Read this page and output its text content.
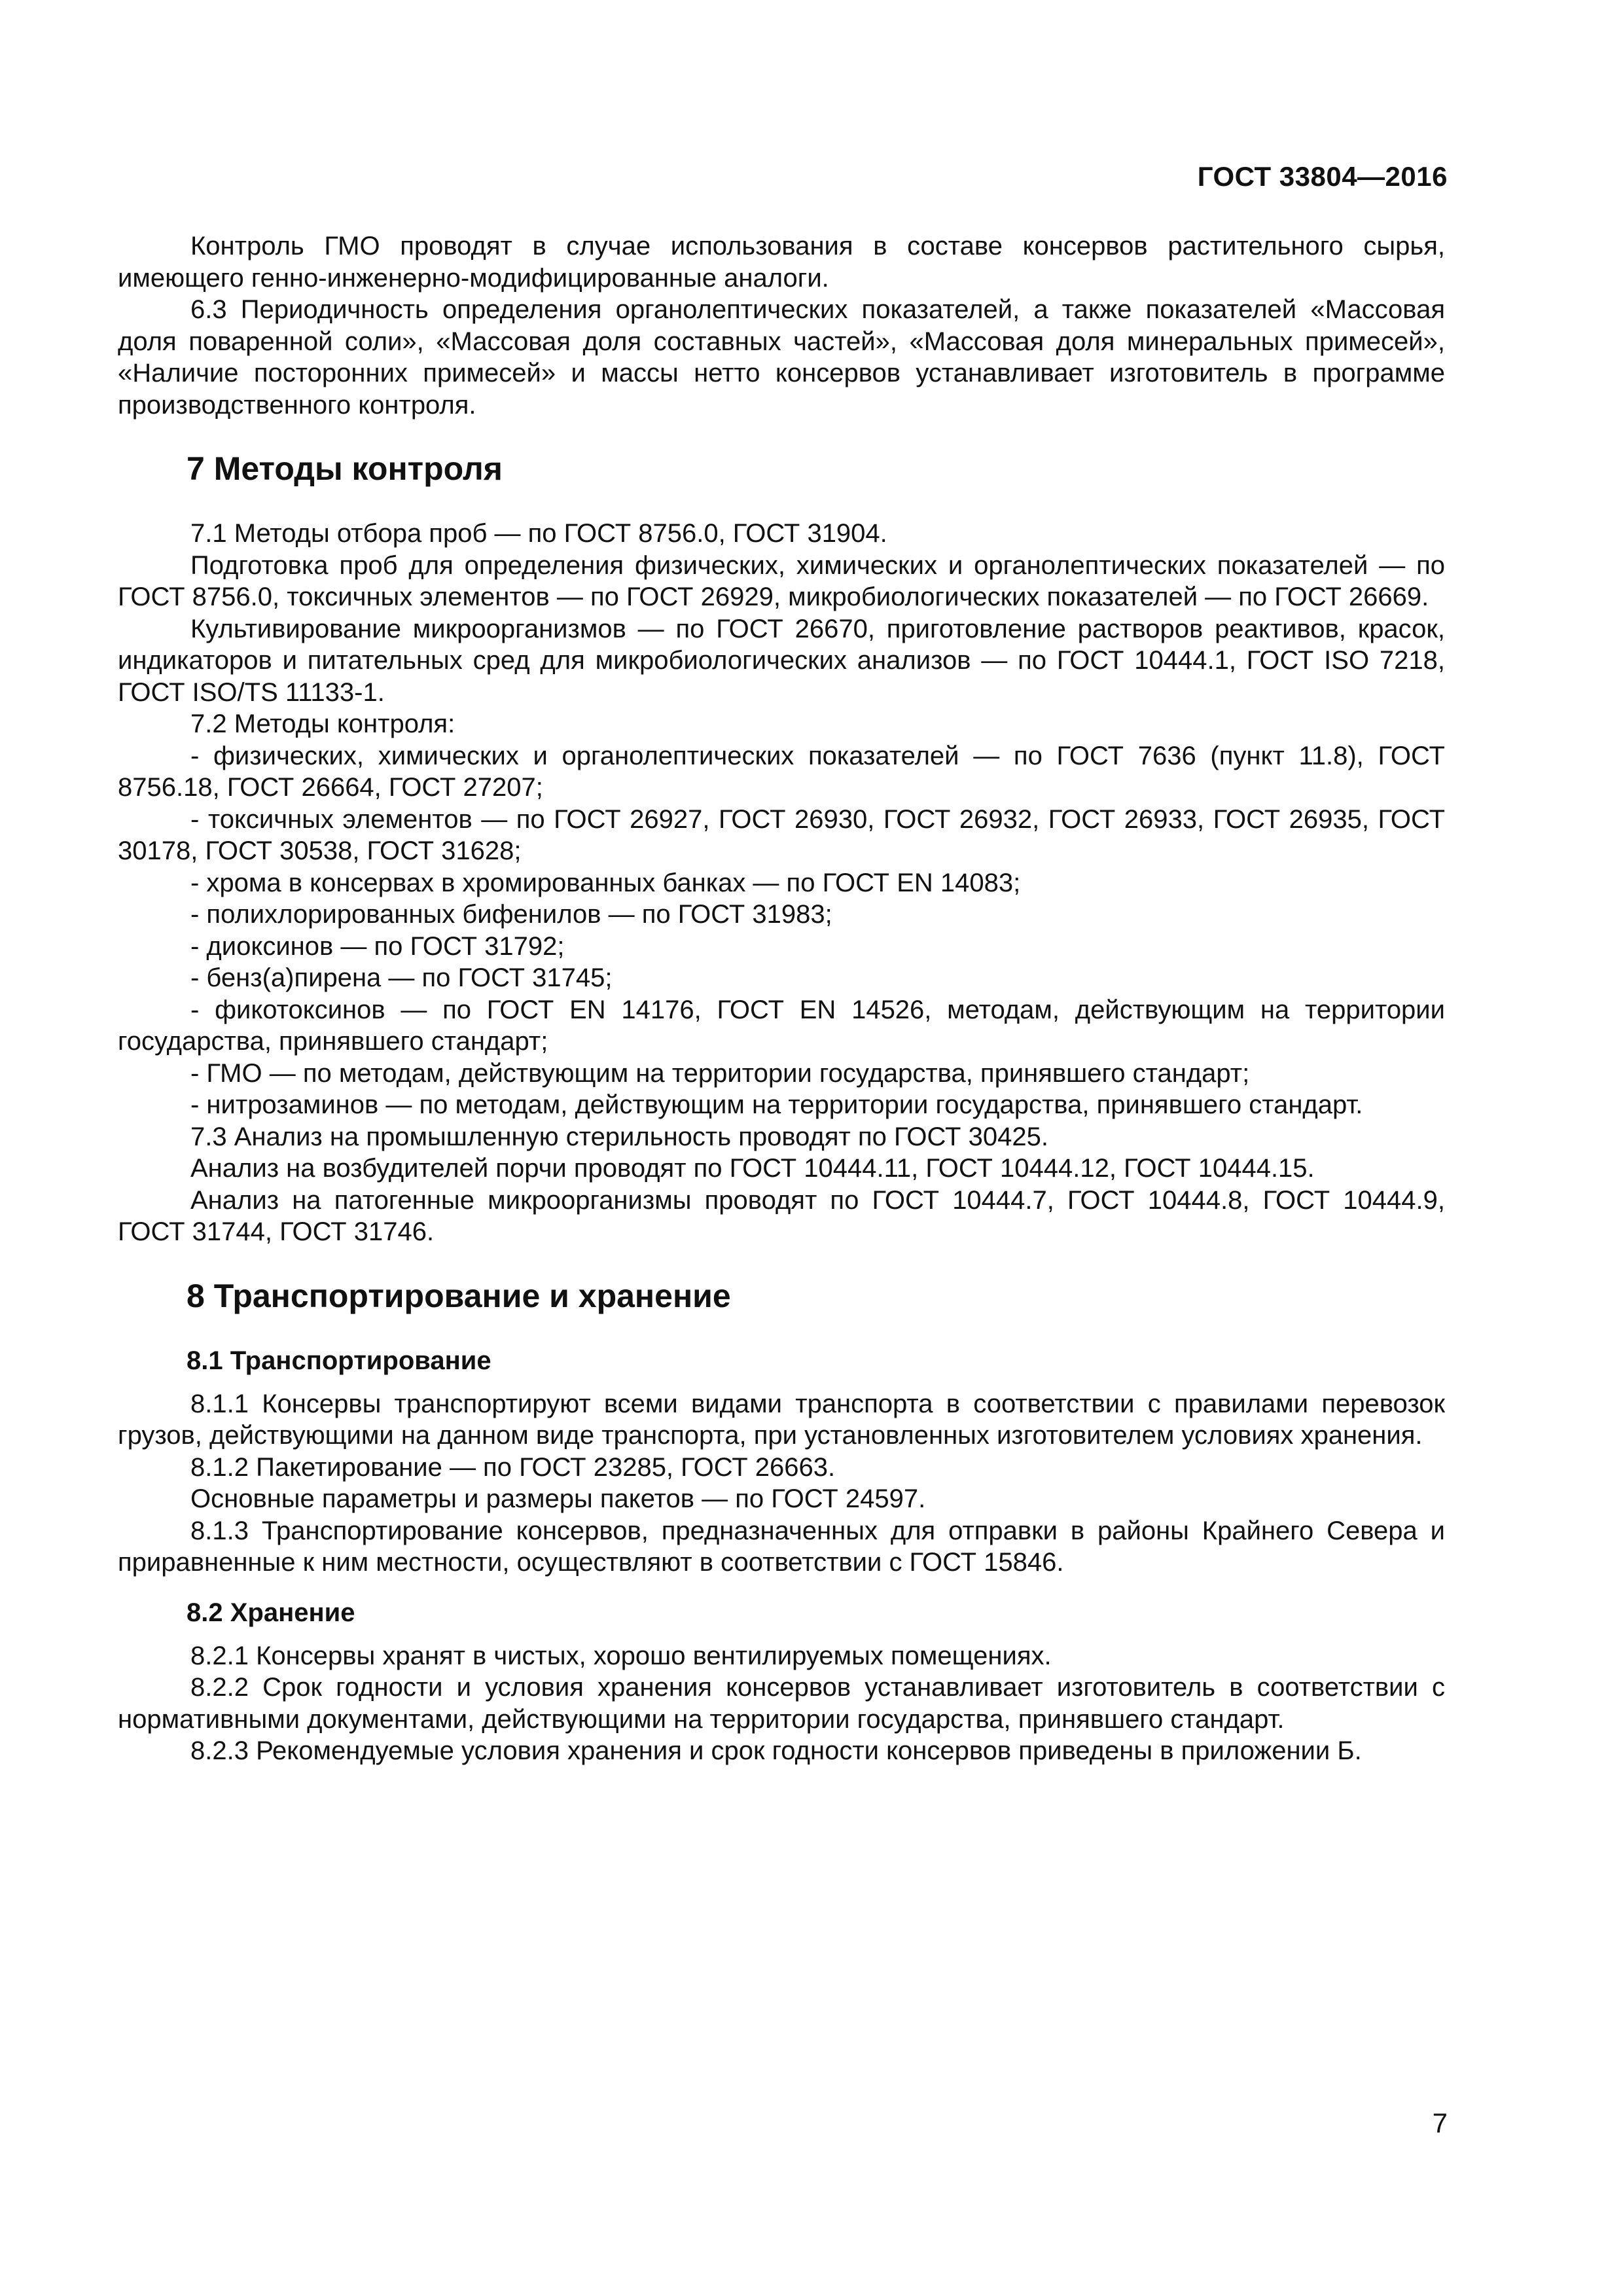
ГОСТ 33804—2016

Контроль ГМО проводят в случае использования в составе консервов растительного сырья, имеющего генно-инженерно-модифицированные аналоги.

6.3 Периодичность определения органолептических показателей, а также показателей «Массовая доля поваренной соли», «Массовая доля составных частей», «Массовая доля минеральных примесей», «Наличие посторонних примесей» и массы нетто консервов устанавливает изготовитель в программе производственного контроля.

7 Методы контроля

7.1 Методы отбора проб — по ГОСТ 8756.0, ГОСТ 31904.

Подготовка проб для определения физических, химических и органолептических показателей — по ГОСТ 8756.0, токсичных элементов — по ГОСТ 26929, микробиологических показателей — по ГОСТ 26669.

Культивирование микроорганизмов — по ГОСТ 26670, приготовление растворов реактивов, красок, индикаторов и питательных сред для микробиологических анализов — по ГОСТ 10444.1, ГОСТ ISO 7218, ГОСТ ISO/TS 11133-1.

7.2 Методы контроля:

- физических, химических и органолептических показателей — по ГОСТ 7636 (пункт 11.8), ГОСТ 8756.18, ГОСТ 26664, ГОСТ 27207;

- токсичных элементов — по ГОСТ 26927, ГОСТ 26930, ГОСТ 26932, ГОСТ 26933, ГОСТ 26935, ГОСТ 30178, ГОСТ 30538, ГОСТ 31628;

- хрома в консервах в хромированных банках — по ГОСТ EN 14083;

- полихлорированных бифенилов — по ГОСТ 31983;

- диоксинов — по ГОСТ 31792;

- бенз(а)пирена — по ГОСТ 31745;

- фикотоксинов — по ГОСТ EN 14176, ГОСТ EN 14526, методам, действующим на территории государства, принявшего стандарт;

- ГМО — по методам, действующим на территории государства, принявшего стандарт;

- нитрозаминов — по методам, действующим на территории государства, принявшего стандарт.

7.3 Анализ на промышленную стерильность проводят по ГОСТ 30425.

Анализ на возбудителей порчи проводят по ГОСТ 10444.11, ГОСТ 10444.12, ГОСТ 10444.15.

Анализ на патогенные микроорганизмы проводят по ГОСТ 10444.7, ГОСТ 10444.8, ГОСТ 10444.9, ГОСТ 31744, ГОСТ 31746.

8 Транспортирование и хранение
8.1 Транспортирование

8.1.1 Консервы транспортируют всеми видами транспорта в соответствии с правилами перевозок грузов, действующими на данном виде транспорта, при установленных изготовителем условиях хранения.

8.1.2 Пакетирование — по ГОСТ 23285, ГОСТ 26663.

Основные параметры и размеры пакетов — по ГОСТ 24597.

8.1.3 Транспортирование консервов, предназначенных для отправки в районы Крайнего Севера и приравненные к ним местности, осуществляют в соответствии с ГОСТ 15846.

8.2 Хранение

8.2.1 Консервы хранят в чистых, хорошо вентилируемых помещениях.

8.2.2 Срок годности и условия хранения консервов устанавливает изготовитель в соответствии с нормативными документами, действующими на территории государства, принявшего стандарт.

8.2.3 Рекомендуемые условия хранения и срок годности консервов приведены в приложении Б.

7
